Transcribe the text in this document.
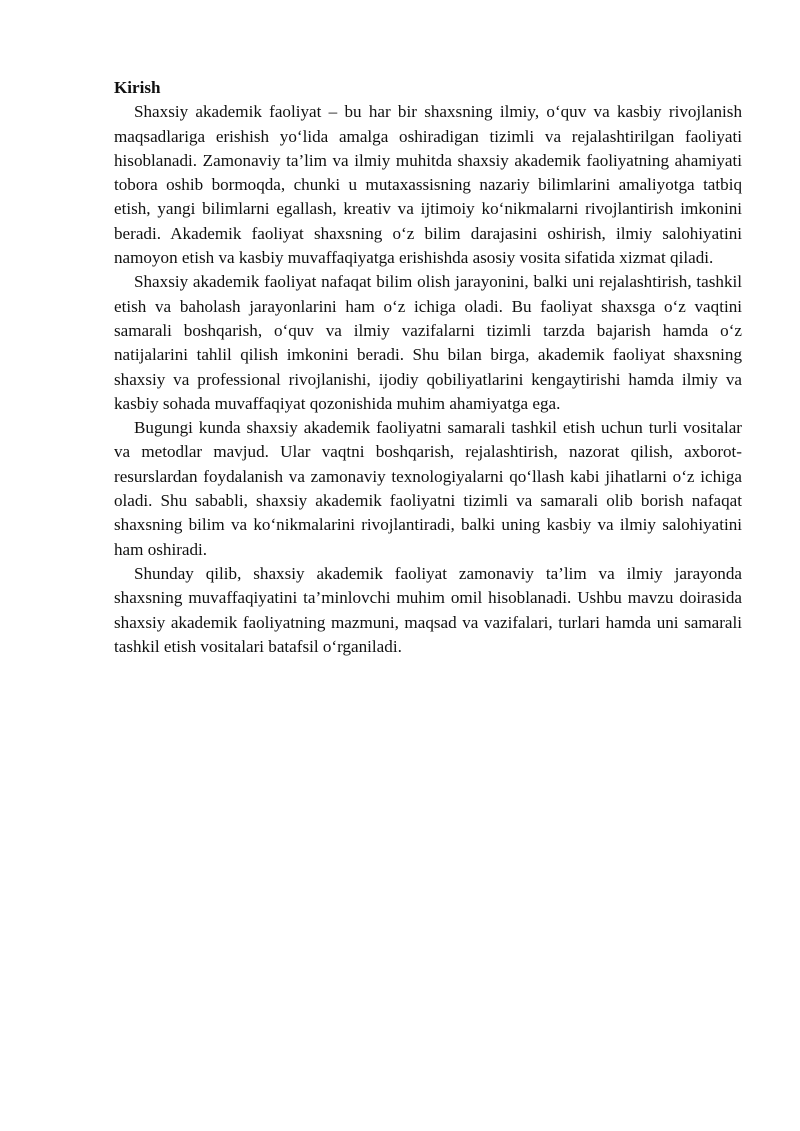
Kirish

Shaxsiy akademik faoliyat – bu har bir shaxsning ilmiy, o‘quv va kasbiy rivojlanish maqsadlariga erishish yo‘lida amalga oshiradigan tizimli va rejalashtirilgan faoliyati hisoblanadi. Zamonaviy ta’lim va ilmiy muhitda shaxsiy akademik faoliyatning ahamiyati tobora oshib bormoqda, chunki u mutaxassisning nazariy bilimlarini amaliyotga tatbiq etish, yangi bilimlarni egallash, kreativ va ijtimoiy ko‘nikmalarni rivojlantirish imkonini beradi. Akademik faoliyat shaxsning o‘z bilim darajasini oshirish, ilmiy salohiyatini namoyon etish va kasbiy muvaffaqiyatga erishishda asosiy vosita sifatida xizmat qiladi.

Shaxsiy akademik faoliyat nafaqat bilim olish jarayonini, balki uni rejalashtirish, tashkil etish va baholash jarayonlarini ham o‘z ichiga oladi. Bu faoliyat shaxsga o‘z vaqtini samarali boshqarish, o‘quv va ilmiy vazifalarni tizimli tarzda bajarish hamda o‘z natijalarini tahlil qilish imkonini beradi. Shu bilan birga, akademik faoliyat shaxsning shaxsiy va professional rivojlanishi, ijodiy qobiliyatlarini kengaytirishi hamda ilmiy va kasbiy sohada muvaffaqiyat qozonishida muhim ahamiyatga ega.

Bugungi kunda shaxsiy akademik faoliyatni samarali tashkil etish uchun turli vositalar va metodlar mavjud. Ular vaqtni boshqarish, rejalashtirish, nazorat qilish, axborot-resurslardan foydalanish va zamonaviy texnologiyalarni qo‘llash kabi jihatlarni o‘z ichiga oladi. Shu sababli, shaxsiy akademik faoliyatni tizimli va samarali olib borish nafaqat shaxsning bilim va ko‘nikmalarini rivojlantiradi, balki uning kasbiy va ilmiy salohiyatini ham oshiradi.

Shunday qilib, shaxsiy akademik faoliyat zamonaviy ta’lim va ilmiy jarayonda shaxsning muvaffaqiyatini ta’minlovchi muhim omil hisoblanadi. Ushbu mavzu doirasida shaxsiy akademik faoliyatning mazmuni, maqsad va vazifalari, turlari hamda uni samarali tashkil etish vositalari batafsil o‘rganiladi.
